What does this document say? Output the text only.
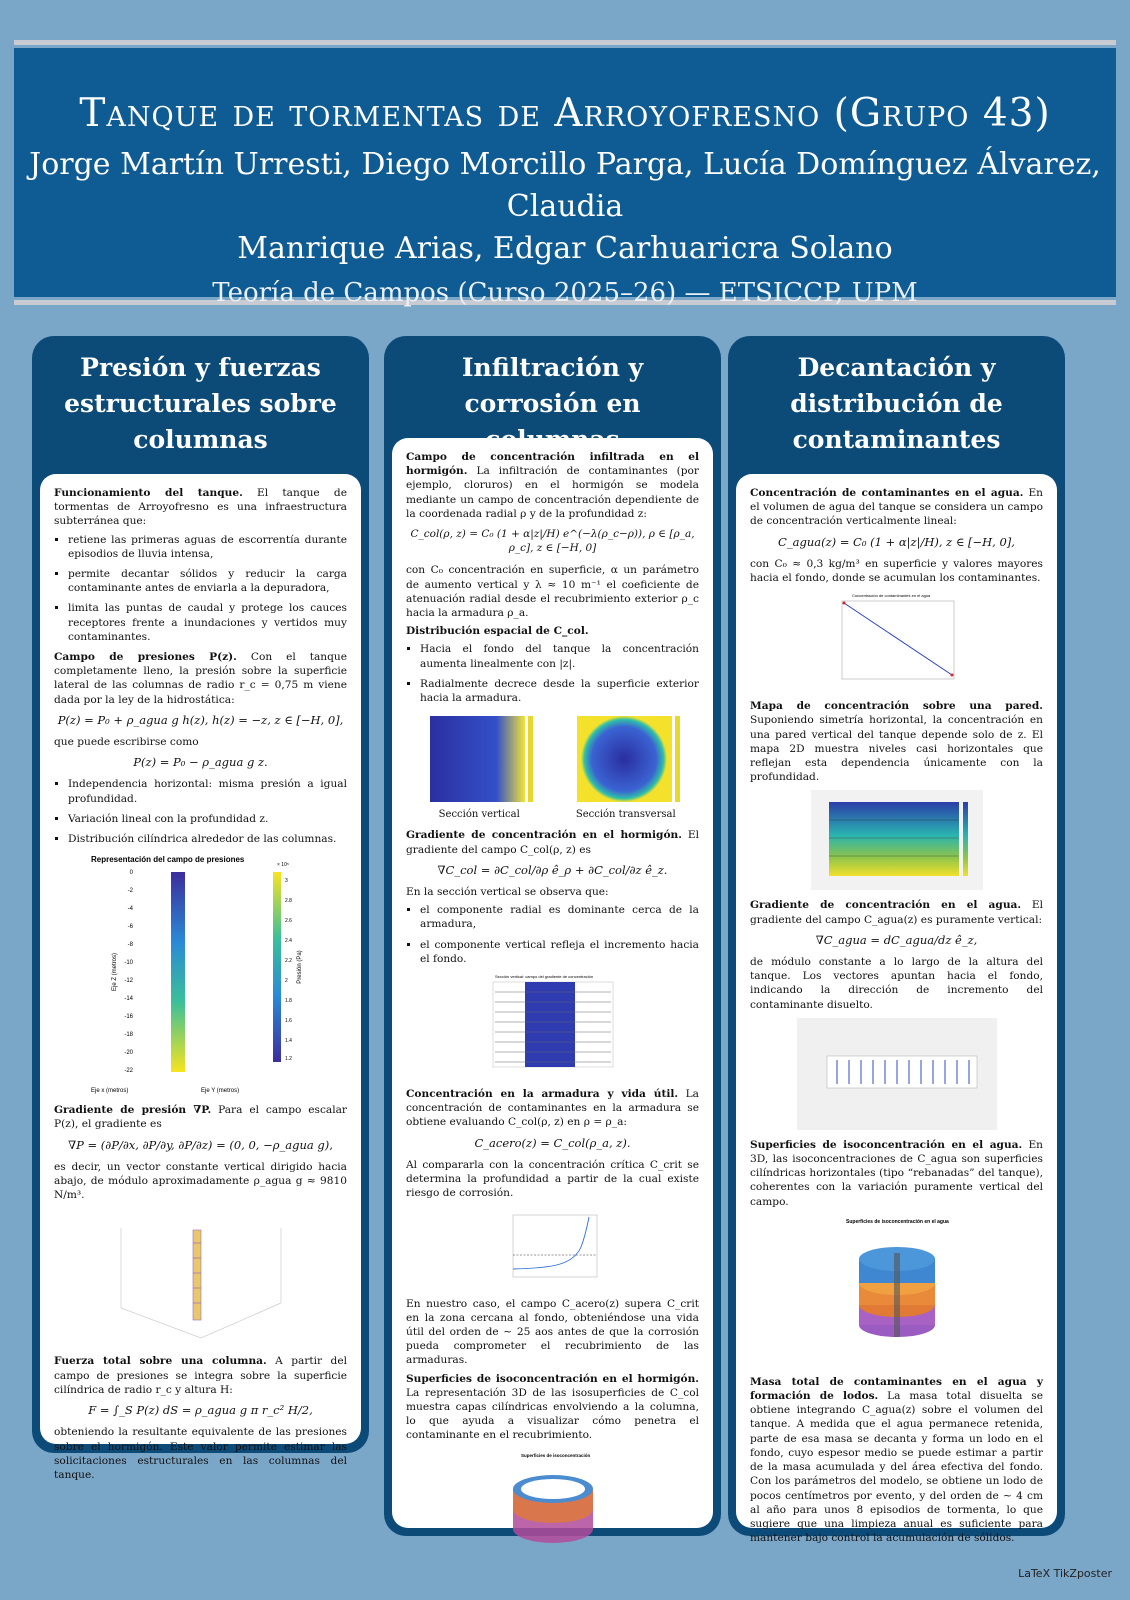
Tanque de tormentas de Arroyofresno (Grupo 43)
Jorge Martín Urresti, Diego Morcillo Parga, Lucía Domínguez Álvarez, Claudia
Manrique Arias, Edgar Carhuaricra Solano
Teoría de Campos (Curso 2025–26) — ETSICCP, UPM
Presión y fuerzas estructurales sobre columnas

Funcionamiento del tanque. El tanque de tormentas de Arroyofresno es una infraestructura subterránea que:

▪ retiene las primeras aguas de escorrentía durante episodios de lluvia intensa,
▪ permite decantar sólidos y reducir la carga contaminante antes de enviarla a la depuradora,
▪ limita las puntas de caudal y protege los cauces receptores frente a inundaciones y vertidos muy contaminantes.

Campo de presiones P(z). Con el tanque completamente lleno, la presión sobre la superficie lateral de las columnas de radio r_c = 0,75 m viene dada por la ley de la hidrostática:

P(z) = P₀ + ρ_agua g h(z), h(z) = −z, z ∈ [−H, 0],

que puede escribirse como

P(z) = P₀ − ρ_agua g z.
▪ Independencia horizontal: misma presión a igual profundidad.
▪ Variación lineal con la profundidad z.
▪ Distribución cilíndrica alrededor de las columnas.
Representación del campo de presiones
0
-2
-4
-6
-8
-10
-12
-14
-16
-18
-20
-22
Eje Z (metros)
× 10⁵
3
2.8
2.6
2.4
2.2
2
1.8
1.6
1.4
1.2
Presión (Pa)
Eje x (metros)	Eje Y (metros)

Gradiente de presión ∇P. Para el campo escalar P(z), el gradiente es

∇P = (∂P/∂x, ∂P/∂y, ∂P/∂z) = (0, 0, −ρ_agua g),

es decir, un vector constante vertical dirigido hacia abajo, de módulo aproximadamente ρ_agua g ≈ 9810 N/m³.

Fuerza total sobre una columna. A partir del campo de presiones se integra sobre la superficie cilíndrica de radio r_c y altura H:

F = ∫_S P(z) dS = ρ_agua g π r_c² H/2,

obteniendo la resultante equivalente de las presiones sobre el hormigón. Este valor permite estimar las solicitaciones estructurales en las columnas del tanque.

Infiltración y corrosión en

Campo de concentración infiltrada en el hormigón. La infiltración de contaminantes (por ejemplo, cloruros) en el hormigón se modela mediante un campo de concentración dependiente de la coordenada radial ρ y de la profundidad z:

C_col(ρ, z) = C₀ (1 + α|z|/H) e^(−λ(ρ_c−ρ)), ρ ∈ [ρ_a, ρ_c], z ∈ [−H, 0]

con C₀ concentración en superficie, α un parámetro de aumento vertical y λ ≈ 10 m⁻¹ el coeficiente de atenuación radial desde el recubrimiento exterior ρ_c hacia la armadura ρ_a.

Distribución espacial de C_col.

▪ Hacia el fondo del tanque la concentración aumenta linealmente con |z|.
▪ Radialmente decrece desde la superficie exterior hacia la armadura.
Sección vertical	Sección transversal

Gradiente de concentración en el hormigón. El gradiente del campo C_col(ρ, z) es

∇C_col = ∂C_col/∂ρ ê_ρ + ∂C_col/∂z ê_z.

En la sección vertical se observa que:

▪ el componente radial es dominante cerca de la armadura,
▪ el componente vertical refleja el incremento hacia el fondo.
Sección vertical: campo del gradiente de concentración

Concentración en la armadura y vida útil. La concentración de contaminantes en la armadura se obtiene evaluando C_col(ρ, z) en ρ = ρ_a:

C_acero(z) = C_col(ρ_a, z).

Al compararla con la concentración crítica C_crit se determina la profundidad a partir de la cual existe riesgo de corrosión.

En nuestro caso, el campo C_acero(z) supera C_crit en la zona cercana al fondo, obteniéndose una vida útil del orden de ∼ 25 aos antes de que la corrosión pueda comprometer el recubrimiento de las armaduras.

Superficies de isoconcentración en el hormigón. La representación 3D de las isosuperficies de C_col muestra capas cilíndricas envolviendo a la columna, lo que ayuda a visualizar cómo penetra el contaminante en el recubrimiento.

Superficies de isoconcentración
Decantación y distribución de contaminantes

Concentración de contaminantes en el agua. En el volumen de agua del tanque se considera un campo de concentración verticalmente lineal:

C_agua(z) = C₀ (1 + α|z|/H), z ∈ [−H, 0],

con C₀ ≈ 0,3 kg/m³ en superficie y valores mayores hacia el fondo, donde se acumulan los contaminantes.

Concentración de contaminantes en el agua

Mapa de concentración sobre una pared. Suponiendo simetría horizontal, la concentración en una pared vertical del tanque depende solo de z. El mapa 2D muestra niveles casi horizontales que reflejan esta dependencia únicamente con la profundidad.

Gradiente de concentración en el agua. El gradiente del campo C_agua(z) es puramente vertical:

∇C_agua = dC_agua/dz ê_z,

de módulo constante a lo largo de la altura del tanque. Los vectores apuntan hacia el fondo, indicando la dirección de incremento del contaminante disuelto.

Superficies de isoconcentración en el agua. En 3D, las isoconcentraciones de C_agua son superficies cilíndricas horizontales (tipo “rebanadas” del tanque), coherentes con la variación puramente vertical del campo.

Superficies de isoconcentración en el agua

Masa total de contaminantes en el agua y formación de lodos. La masa total disuelta se obtiene integrando C_agua(z) sobre el volumen del tanque. A medida que el agua permanece retenida, parte de esa masa se decanta y forma un lodo en el fondo, cuyo espesor medio se puede estimar a partir de la masa acumulada y del área efectiva del fondo. Con los parámetros del modelo, se obtiene un lodo de pocos centímetros por evento, y del orden de ∼ 4 cm al año para unos 8 episodios de tormenta, lo que sugiere que una limpieza anual es suficiente para mantener bajo control la acumulación de sólidos.

LaTeX TikZposter
